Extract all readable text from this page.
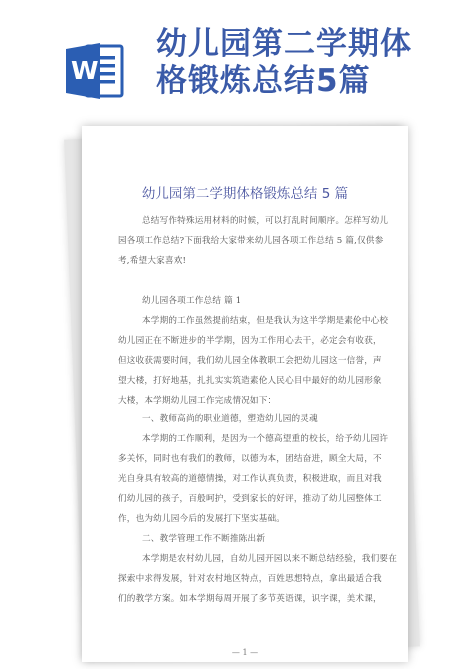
W
幼儿园第二学期体
格锻炼总结5篇
幼儿园第二学期体格锻炼总结 5 篇
总结写作特殊运用材料的时候，可以打乱时间顺序。怎样写幼儿
园各项工作总结?下面我给大家带来幼儿园各项工作总结 5 篇,仅供参
考,希望大家喜欢!
幼儿园各项工作总结 篇 1
本学期的工作虽然提前结束，但是我认为这半学期是素伦中心校
幼儿园正在不断进步的半学期，因为工作用心去干，必定会有收获，
但这收获需要时间，我们幼儿园全体教职工会把幼儿园这一信誉，声
望大楼，打好地基，扎扎实实筑造素伦人民心目中最好的幼儿园形象
大楼，本学期幼儿园工作完成情况如下：
一、教师高尚的职业道德，塑造幼儿园的灵魂
本学期的工作顺利，是因为一个德高望重的校长，给予幼儿园许
多关怀，同时也有我们的教师，以德为本，团结奋进，顾全大局，不
光自身具有较高的道德情操，对工作认真负责，积极进取，而且对我
们幼儿园的孩子，百般呵护，受到家长的好评，推动了幼儿园整体工
作，也为幼儿园今后的发展打下坚实基础。
二、教学管理工作不断推陈出新
本学期是农村幼儿园，自幼儿园开园以来不断总结经验，我们要在
探索中求得发展，针对农村地区特点，百姓思想特点，拿出最适合我
们的教学方案。如本学期每周开展了多节英语课，识字课，美术课，
— 1 —
